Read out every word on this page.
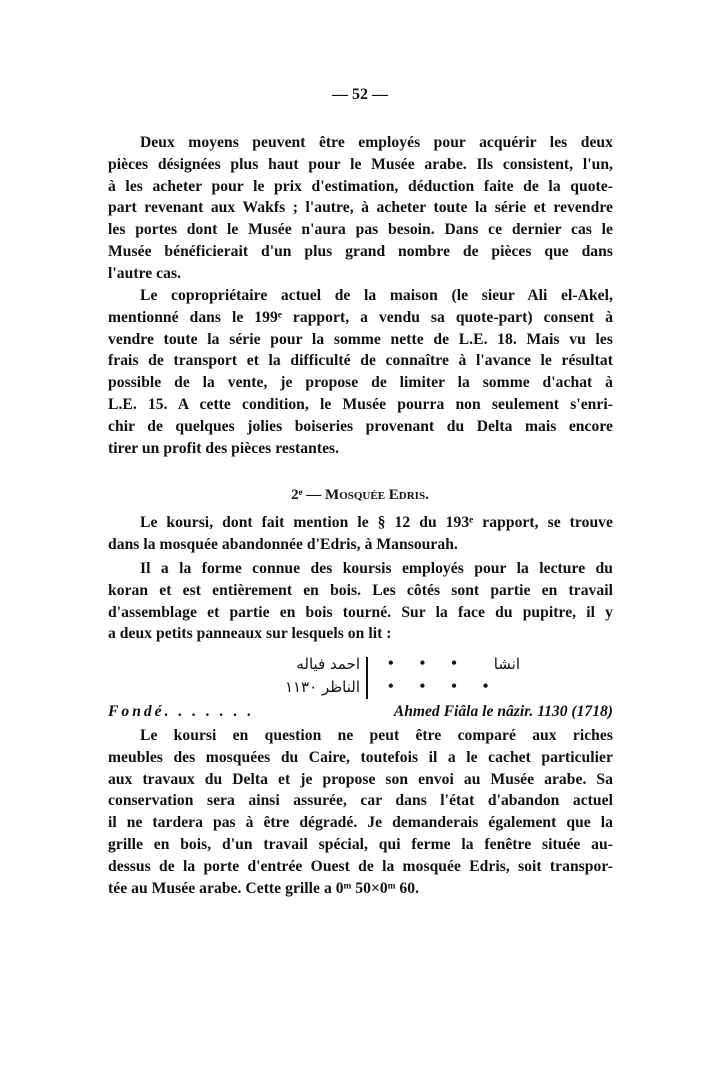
— 52 —
Deux moyens peuvent être employés pour acquérir les deux
pièces désignées plus haut pour le Musée arabe. Ils consistent, l'un,
à les acheter pour le prix d'estimation, déduction faite de la quote-
part revenant aux Wakfs ; l'autre, à acheter toute la série et revendre
les portes dont le Musée n'aura pas besoin. Dans ce dernier cas le
Musée bénéficierait d'un plus grand nombre de pièces que dans
l'autre cas.
Le copropriétaire actuel de la maison (le sieur Ali el-Akel,
mentionné dans le 199ᵉ rapport, a vendu sa quote-part) consent à
vendre toute la série pour la somme nette de L.E. 18. Mais vu les
frais de transport et la difficulté de connaître à l'avance le résultat
possible de la vente, je propose de limiter la somme d'achat à
L.E. 15. A cette condition, le Musée pourra non seulement s'enri-
chir de quelques jolies boiseries provenant du Delta mais encore
tirer un profit des pièces restantes.
2ᵉ — Mosquée Edris.
Le koursi, dont fait mention le § 12 du 193ᵉ rapport, se trouve
dans la mosquée abandonnée d'Edris, à Mansourah.
Il a la forme connue des koursis employés pour la lecture du
koran et est entièrement en bois. Les côtés sont partie en travail
d'assemblage et partie en bois tourné. Sur la face du pupitre, il y
a deux petits panneaux sur lesquels on lit :
احمد فياله
الناظر ١١٣٠
• • • انشا
• • • •
Fondé. . . . . . .	Ahmed Fiâla le nâzir. 1130 (1718)
Le koursi en question ne peut être comparé aux riches
meubles des mosquées du Caire, toutefois il a le cachet particulier
aux travaux du Delta et je propose son envoi au Musée arabe. Sa
conservation sera ainsi assurée, car dans l'état d'abandon actuel
il ne tardera pas à être dégradé. Je demanderais également que la
grille en bois, d'un travail spécial, qui ferme la fenêtre située au-
dessus de la porte d'entrée Ouest de la mosquée Edris, soit transpor-
tée au Musée arabe. Cette grille a 0ᵐ 50×0ᵐ 60.
